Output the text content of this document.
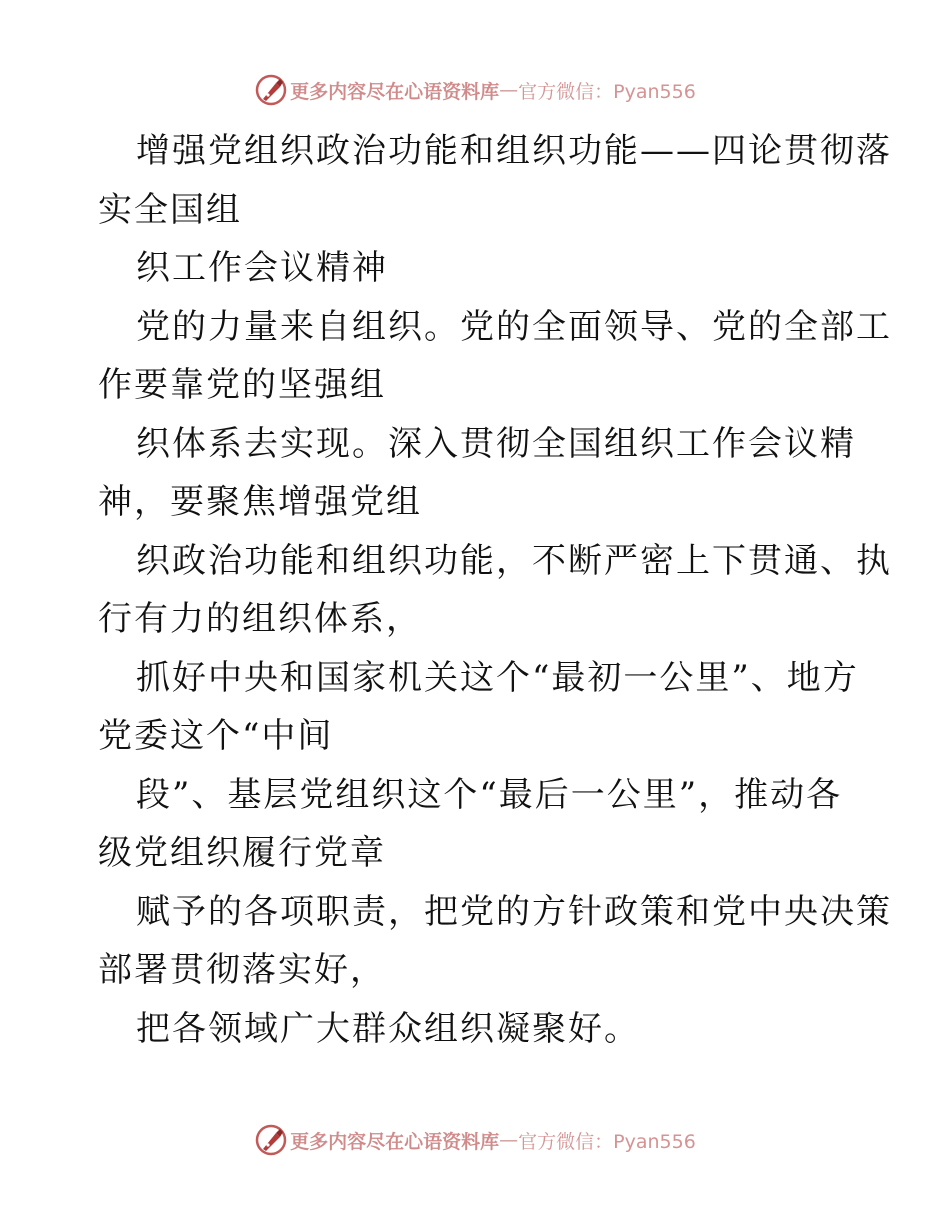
更多内容尽在心语资料库 — 官方微信：Pyan556
增强党组织政治功能和组织功能——四论贯彻落
实全国组
织工作会议精神
党的力量来自组织。党的全面领导、党的全部工
作要靠党的坚强组
织体系去实现。深入贯彻全国组织工作会议精
神，要聚焦增强党组
织政治功能和组织功能，不断严密上下贯通、执
行有力的组织体系，
抓好中央和国家机关这个“最初一公里”、地方
党委这个“中间
段”、基层党组织这个“最后一公里”，推动各
级党组织履行党章
赋予的各项职责，把党的方针政策和党中央决策
部署贯彻落实好，
把各领域广大群众组织凝聚好。
更多内容尽在心语资料库 — 官方微信：Pyan556
